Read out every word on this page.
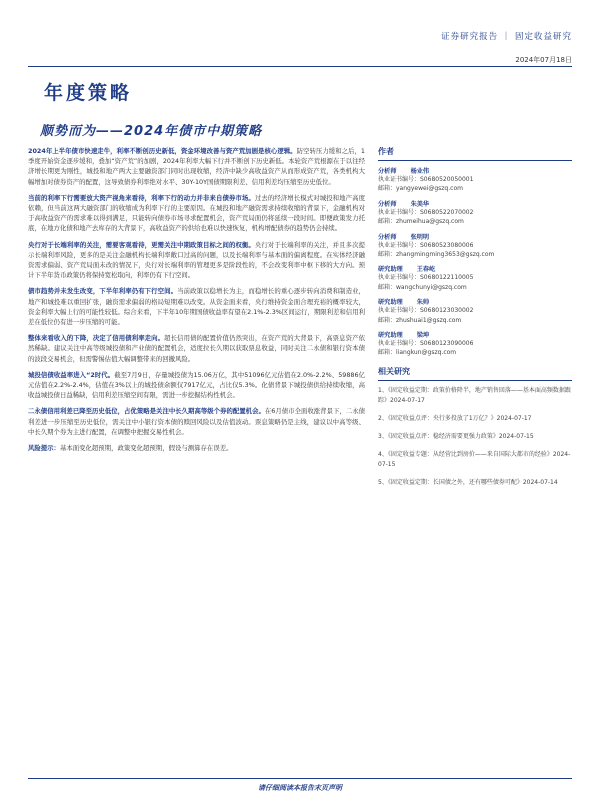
证券研究报告 ｜ 固定收益研究
2024年07月18日
年度策略
顺势而为——2024年债市中期策略

2024年上半年债市快速走牛，利率不断创历史新低，资金环境改善与资产荒加剧是核心逻辑。防空转压力缓和之后，1季度开始资金逐步缓和，叠加“资产荒”的加剧，2024年利率大幅下行并不断创下历史新低。本轮资产荒根源在于以往经济增长期更为刚性，城投和地产两大主要融资部门同时出现收缩，经济中缺少高收益资产从而形成资产荒，各类机构大幅增加对债券资产的配置，这导致债券利率绝对水平、30Y-10Y国债期限利差、信用利差均压缩至历史低位。

当前的利率下行需要放大资产视角来看待，利率下行的动力并非来自债券市场。过去的经济增长模式对城投和地产高度依赖，但当前这两大融资部门的收缩成为利率下行的主要原因。在城投和地产融资需求持续收缩的背景下，金融机构对于高收益资产的需求难以得到满足，只能转向债券市场寻求配置机会，资产荒局面仍将延续一段时间。即便政策发力托底，在地方化债和地产去库存的大背景下，高收益资产的供给也难以快速恢复，机构增配债券的趋势仍会持续。

央行对于长端利率的关注，需要客观看待，更需关注中期政策目标之间的权衡。央行对于长端利率的关注，并且多次提示长端利率风险，更多的是关注金融机构长端利率敞口过高的问题，以及长端利率与基本面的偏离程度。在实体经济融资需求偏弱、资产荒局面未改的情况下，央行对长端利率的管理更多是阶段性的，不会改变利率中枢下移的大方向。预计下半年货币政策仍将保持宽松取向，利率仍有下行空间。

债市趋势并未发生改变，下半年利率仍有下行空间。当前政策以稳增长为主，而稳增长的重心逐步转向消费和制造业，地产和城投难以重回扩张，融资需求偏弱的格局短期难以改变。从资金面来看，央行维持资金面合理充裕的概率较大，资金利率大幅上行的可能性较低。综合来看，下半年10年期国债收益率有望在2.1%-2.3%区间运行，期限利差和信用利差在低位仍有进一步压缩的可能。

整体来看收入的下降，决定了信用债利率走向。超长信用债的配置价值仍然突出，在资产荒的大背景下，高票息资产依然稀缺。建议关注中高等级城投债和产业债的配置机会，适度拉长久期以获取票息收益，同时关注二永债和银行资本债的波段交易机会，但需警惕估值大幅调整带来的回撤风险。

城投信债收益率进入“2时代。截至7月9日，存量城投债为15.06万亿，其中51096亿元估值在2.0%-2.2%、59886亿元估值在2.2%-2.4%，估值在3%以上的城投债余额仅7917亿元，占比仅5.3%。化债背景下城投债供给持续收缩，高收益城投债日益稀缺，信用利差压缩空间有限，需进一步挖掘结构性机会。

二永债信用利差已降至历史低位，占优策略是关注中长久期高等级个券的配置机会。在6月债市全面收涨背景下，二永债利差进一步压缩至历史低位，需关注中小银行资本债的赎回风险以及估值波动。票息策略仍是主线，建议以中高等级、中长久期个券为主进行配置，在调整中把握交易性机会。

风险提示：基本面变化超预期，政策变化超预期，假设与测算存在误差。

作者
分析师 杨业伟
执业证书编号：S0680520050001
邮箱：yangyewei@gszq.com
分析师 朱美华
执业证书编号：S0680522070002
邮箱：zhumeihua@gszq.com
分析师 张明明
执业证书编号：S0680523080006
邮箱：zhangmingming3653@gszq.com
研究助理 王春屹
执业证书编号：S0680122110005
邮箱：wangchunyi@gszq.com
研究助理 朱帅
执业证书编号：S0680123030002
邮箱：zhushuai1@gszq.com
研究助理 梁坤
执业证书编号：S0680123090006
邮箱：liangkun@gszq.com
相关研究
1、《固定收益定期：政策价格降半，地产销售回落——基本面高频数据跟踪》2024-07-17
2、《固定收益点评：央行多投放了1万亿？》2024-07-17
3、《固定收益点评：稳经济需要更强力政策》2024-07-15
4、《固定收益专题：从经营比到房价——来自国际大都市的经验》2024-07-15
5、《固定收益定期：长国债之外，还有哪些债券可配》2024-07-14
请仔细阅读本报告末页声明
